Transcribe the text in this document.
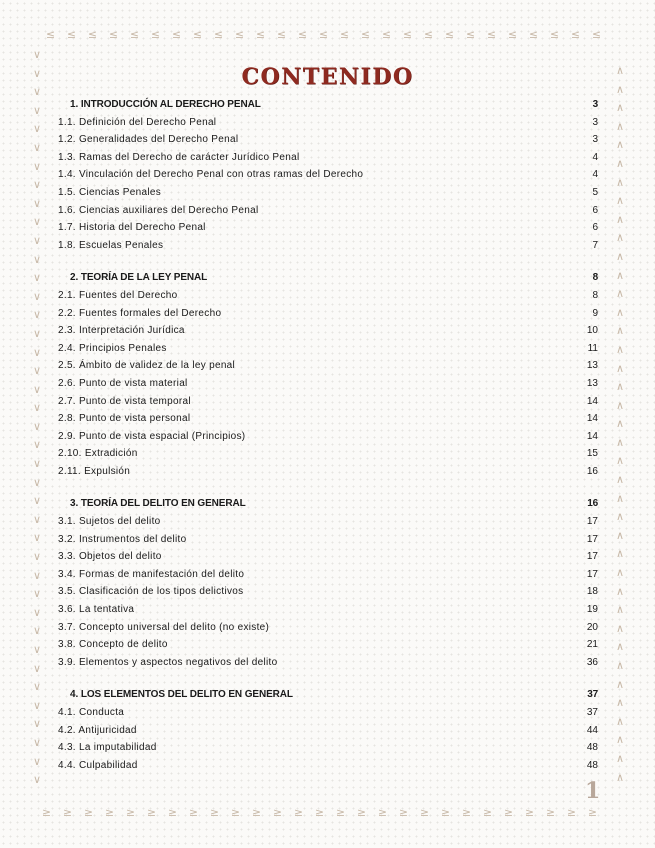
≤	≤	≤	≤	≤	≤	≤	≤	≤	≤	≤	≤	≤	≤	≤	≤	≤	≤	≤	≤	≤	≤	≤	≤	≤	≤	≤
≥	≥	≥	≥	≥	≥	≥	≥	≥	≥	≥	≥	≥	≥	≥	≥	≥	≥	≥	≥	≥	≥	≥	≥	≥	≥	≥
∨
∨
∨
∨
∨
∨
∨
∨
∨
∨
∨
∨
∨
∨
∨
∨
∨
∨
∨
∨
∨
∨
∨
∨
∨
∨
∨
∨
∨
∨
∨
∨
∨
∨
∨
∨
∨
∨
∨
∨
∧
∧
∧
∧
∧
∧
∧
∧
∧
∧
∧
∧
∧
∧
∧
∧
∧
∧
∧
∧
∧
∧
∧
∧
∧
∧
∧
∧
∧
∧
∧
∧
∧
∧
∧
∧
∧
∧
∧
CONTENIDO
1. INTRODUCCIÓN AL DERECHO PENAL	3
1.1. Definición del Derecho Penal	3
1.2. Generalidades del Derecho Penal	3
1.3. Ramas del Derecho de carácter Jurídico Penal	4
1.4. Vinculación del Derecho Penal con otras ramas del Derecho	4
1.5. Ciencias Penales	5
1.6. Ciencias auxiliares del Derecho Penal	6
1.7. Historia del Derecho Penal	6
1.8. Escuelas Penales	7
2. TEORÍA DE LA LEY PENAL	8
2.1. Fuentes del Derecho	8
2.2. Fuentes formales del Derecho	9
2.3. Interpretación Jurídica	10
2.4. Principios Penales	11
2.5. Ámbito de validez de la ley penal	13
2.6. Punto de vista material	13
2.7. Punto de vista temporal	14
2.8. Punto de vista personal	14
2.9. Punto de vista espacial (Principios)	14
2.10. Extradición	15
2.11. Expulsión	16
3. TEORÍA DEL DELITO EN GENERAL	16
3.1. Sujetos del delito	17
3.2. Instrumentos del delito	17
3.3. Objetos del delito	17
3.4. Formas de manifestación del delito	17
3.5. Clasificación de los tipos delictivos	18
3.6. La tentativa	19
3.7. Concepto universal del delito (no existe)	20
3.8. Concepto de delito	21
3.9. Elementos y aspectos negativos del delito	36
4. LOS ELEMENTOS DEL DELITO EN GENERAL	37
4.1. Conducta	37
4.2. Antijuricidad	44
4.3. La imputabilidad	48
4.4. Culpabilidad	48
1
